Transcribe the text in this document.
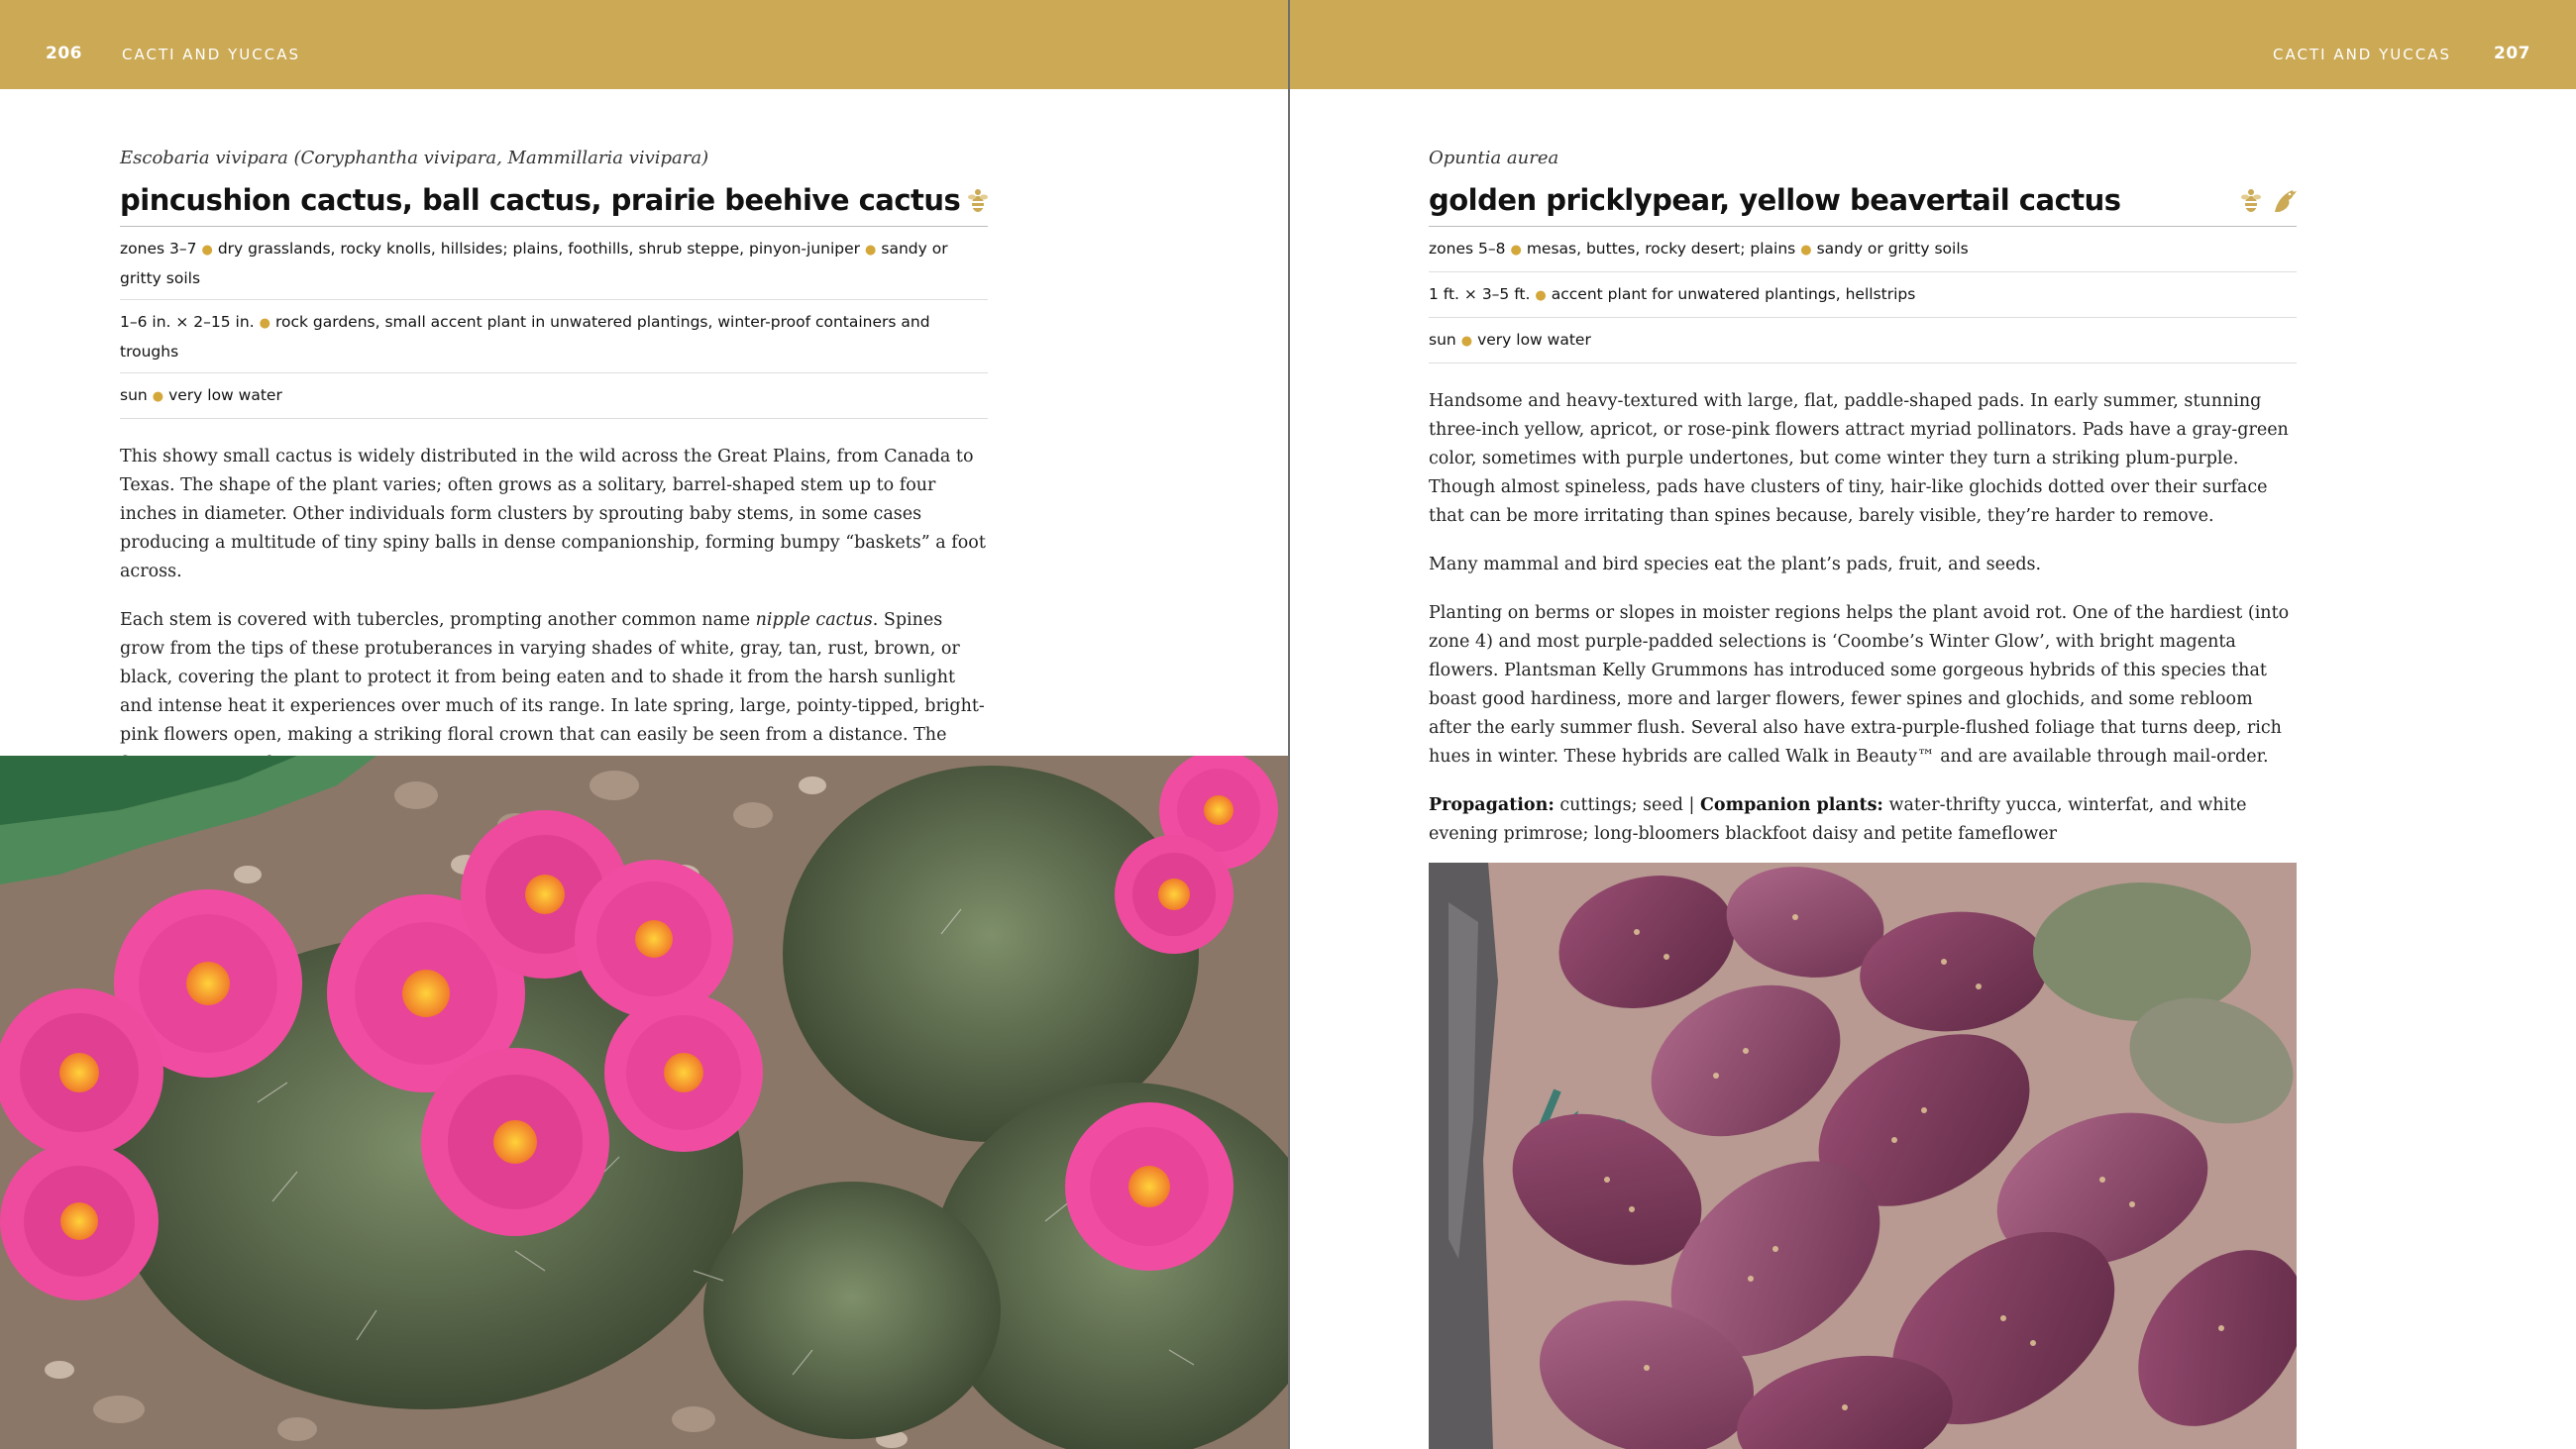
206	CACTI AND YUCCAS

Escobaria vivipara (Coryphantha vivipara, Mammillaria vivipara)

pincushion cactus, ball cactus, prairie beehive cactus
zones 3–7 ● dry grasslands, rocky knolls, hillsides; plains, foothills, shrub steppe, pinyon-juniper ● sandy or gritty soils
1–6 in. × 2–15 in. ● rock gardens, small accent plant in unwatered plantings, winter-proof containers and troughs
sun ● very low water

This showy small cactus is widely distributed in the wild across the Great Plains, from Canada to Texas. The shape of the plant varies; often grows as a solitary, barrel-shaped stem up to four inches in diameter. Other individuals form clusters by sprouting baby stems, in some cases producing a multitude of tiny spiny balls in dense companionship, forming bumpy “baskets” a foot across.

Each stem is covered with tubercles, prompting another common name nipple cactus. Spines grow from the tips of these protuberances in varying shades of white, gray, tan, rust, brown, or black, covering the plant to protect it from being eaten and to shade it from the harsh sunlight and intense heat it experiences over much of its range. In late spring, large, pointy-tipped, bright-pink flowers open, making a striking floral crown that can easily be seen from a distance. The

CACTI AND YUCCAS	207

Opuntia aurea

golden pricklypear, yellow beavertail cactus
zones 5–8 ● mesas, buttes, rocky desert; plains ● sandy or gritty soils
1 ft. × 3–5 ft. ● accent plant for unwatered plantings, hellstrips
sun ● very low water

Handsome and heavy-textured with large, flat, paddle-shaped pads. In early summer, stunning three-inch yellow, apricot, or rose-pink flowers attract myriad pollinators. Pads have a gray-green color, sometimes with purple undertones, but come winter they turn a striking plum-purple. Though almost spineless, pads have clusters of tiny, hair-like glochids dotted over their surface that can be more irritating than spines because, barely visible, they’re harder to remove.

Many mammal and bird species eat the plant’s pads, fruit, and seeds.

Planting on berms or slopes in moister regions helps the plant avoid rot. One of the hardiest (into zone 4) and most purple-padded selections is ‘Coombe’s Winter Glow’, with bright magenta flowers. Plantsman Kelly Grummons has introduced some gorgeous hybrids of this species that boast good hardiness, more and larger flowers, fewer spines and glochids, and some rebloom after the early summer flush. Several also have extra-purple-flushed foliage that turns deep, rich hues in winter. These hybrids are called Walk in Beauty™ and are available through mail-order.

Propagation: cuttings; seed | Companion plants: water-thrifty yucca, winterfat, and white evening primrose; long-bloomers blackfoot daisy and petite fameflower
